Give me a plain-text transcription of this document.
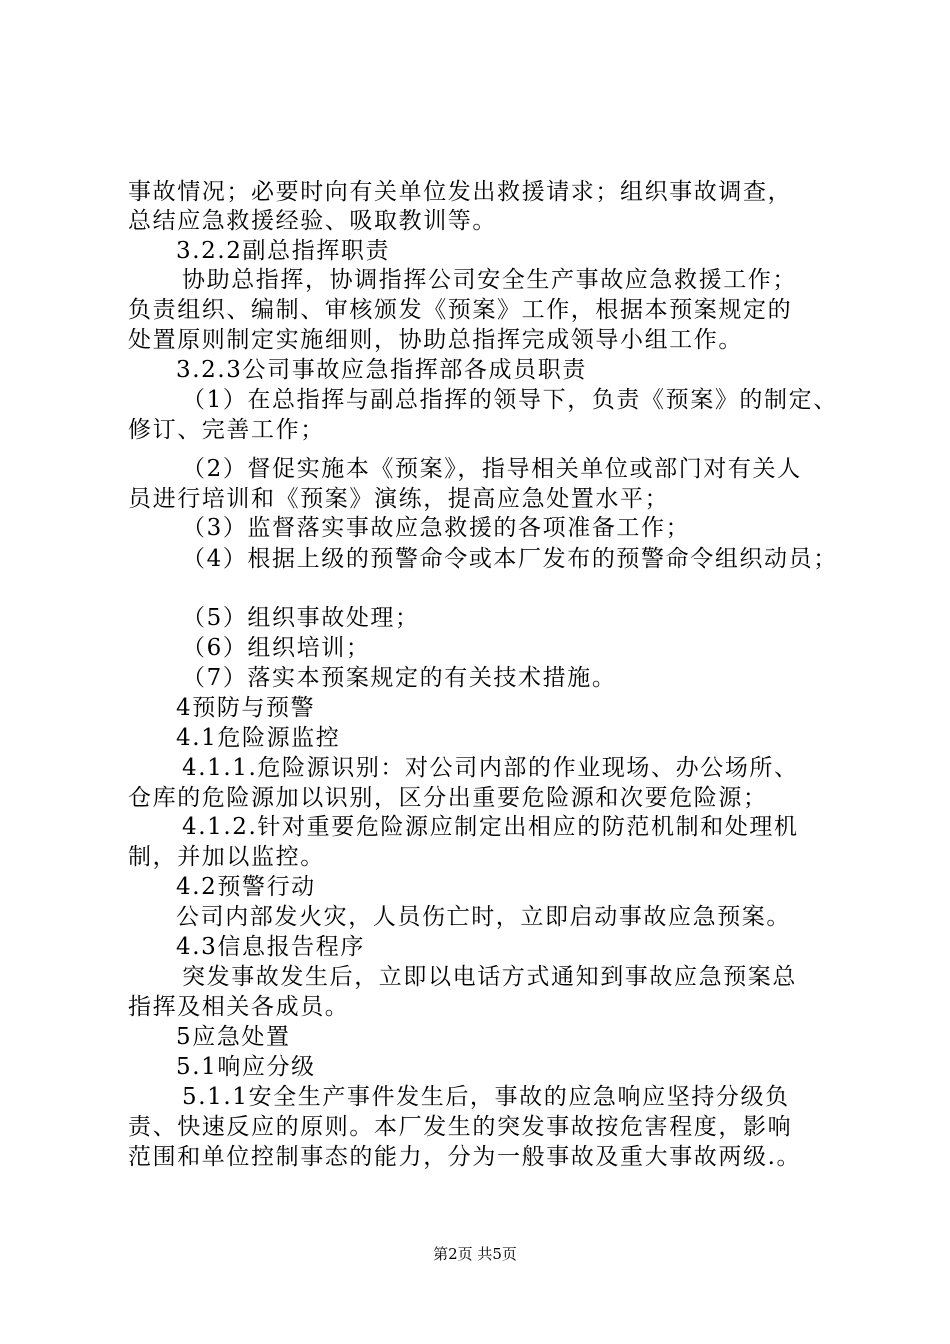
事故情况；必要时向有关单位发出救援请求；组织事故调查，
总结应急救援经验、吸取教训等。
3.2.2副总指挥职责
协助总指挥，协调指挥公司安全生产事故应急救援工作；
负责组织、编制、审核颁发《预案》工作，根据本预案规定的
处置原则制定实施细则，协助总指挥完成领导小组工作。
3.2.3公司事故应急指挥部各成员职责
（1）在总指挥与副总指挥的领导下，负责《预案》的制定、
修订、完善工作；
（2）督促实施本《预案》，指导相关单位或部门对有关人
员进行培训和《预案》演练，提高应急处置水平；
（3）监督落实事故应急救援的各项准备工作；
（4）根据上级的预警命令或本厂发布的预警命令组织动员；
（5）组织事故处理；
（6）组织培训；
（7）落实本预案规定的有关技术措施。
4预防与预警
4.1危险源监控
4.1.1.危险源识别：对公司内部的作业现场、办公场所、
仓库的危险源加以识别，区分出重要危险源和次要危险源；
4.1.2.针对重要危险源应制定出相应的防范机制和处理机
制，并加以监控。
4.2预警行动
公司内部发火灾，人员伤亡时，立即启动事故应急预案。
4.3信息报告程序
突发事故发生后，立即以电话方式通知到事故应急预案总
指挥及相关各成员。
5应急处置
5.1响应分级
5.1.1安全生产事件发生后，事故的应急响应坚持分级负
责、快速反应的原则。本厂发生的突发事故按危害程度，影响
范围和单位控制事态的能力，分为一般事故及重大事故两级.。
第2页 共5页
